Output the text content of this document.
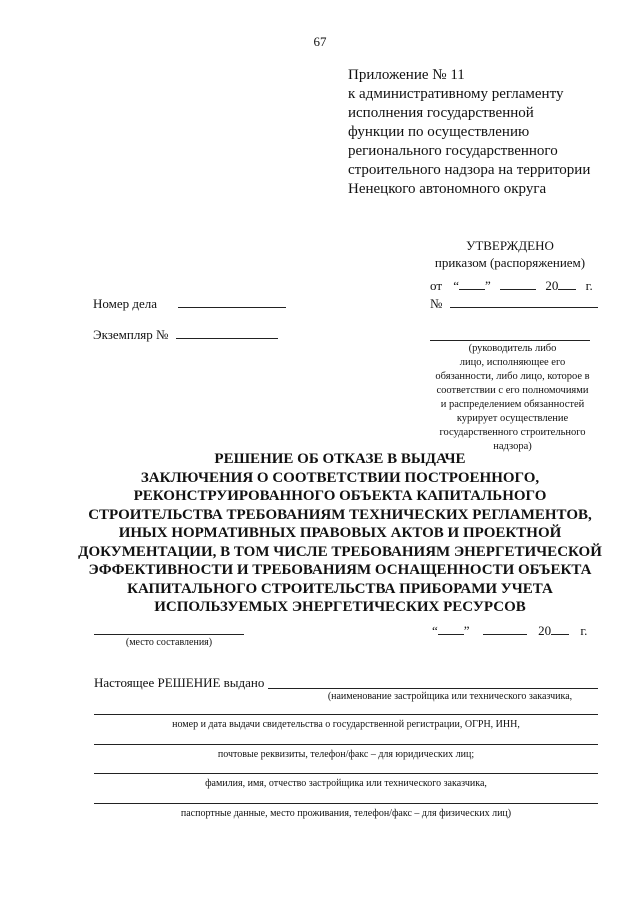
67
Приложение № 11
к административному регламенту
исполнения государственной
функции по осуществлению
регионального государственного
строительного надзора на территории
Ненецкого автономного округа
УТВЕРЖДЕНО
приказом (распоряжением)
от “ ”	20 г.
№
Номер дела
Экземпляр №
(руководитель либо
лицо, исполняющее его
обязанности, либо лицо, которое в
соответствии с его полномочиями
и распределением обязанностей
курирует осуществление
государственного строительного
надзора)
РЕШЕНИЕ ОБ ОТКАЗЕ В ВЫДАЧЕ
ЗАКЛЮЧЕНИЯ О СООТВЕТСТВИИ ПОСТРОЕННОГО,
РЕКОНСТРУИРОВАННОГО ОБЪЕКТА КАПИТАЛЬНОГО
СТРОИТЕЛЬСТВА ТРЕБОВАНИЯМ ТЕХНИЧЕСКИХ РЕГЛАМЕНТОВ,
ИНЫХ НОРМАТИВНЫХ ПРАВОВЫХ АКТОВ И ПРОЕКТНОЙ
ДОКУМЕНТАЦИИ, В ТОМ ЧИСЛЕ ТРЕБОВАНИЯМ ЭНЕРГЕТИЧЕСКОЙ
ЭФФЕКТИВНОСТИ И ТРЕБОВАНИЯМ ОСНАЩЕННОСТИ ОБЪЕКТА
КАПИТАЛЬНОГО СТРОИТЕЛЬСТВА ПРИБОРАМИ УЧЕТА
ИСПОЛЬЗУЕМЫХ ЭНЕРГЕТИЧЕСКИХ РЕСУРСОВ
(место составления)
“ ”	20 г.
Настоящее РЕШЕНИЕ выдано
(наименование застройщика или технического заказчика,
номер и дата выдачи свидетельства о государственной регистрации, ОГРН, ИНН,
почтовые реквизиты, телефон/факс – для юридических лиц;
фамилия, имя, отчество застройщика или технического заказчика,
паспортные данные, место проживания, телефон/факс – для физических лиц)
